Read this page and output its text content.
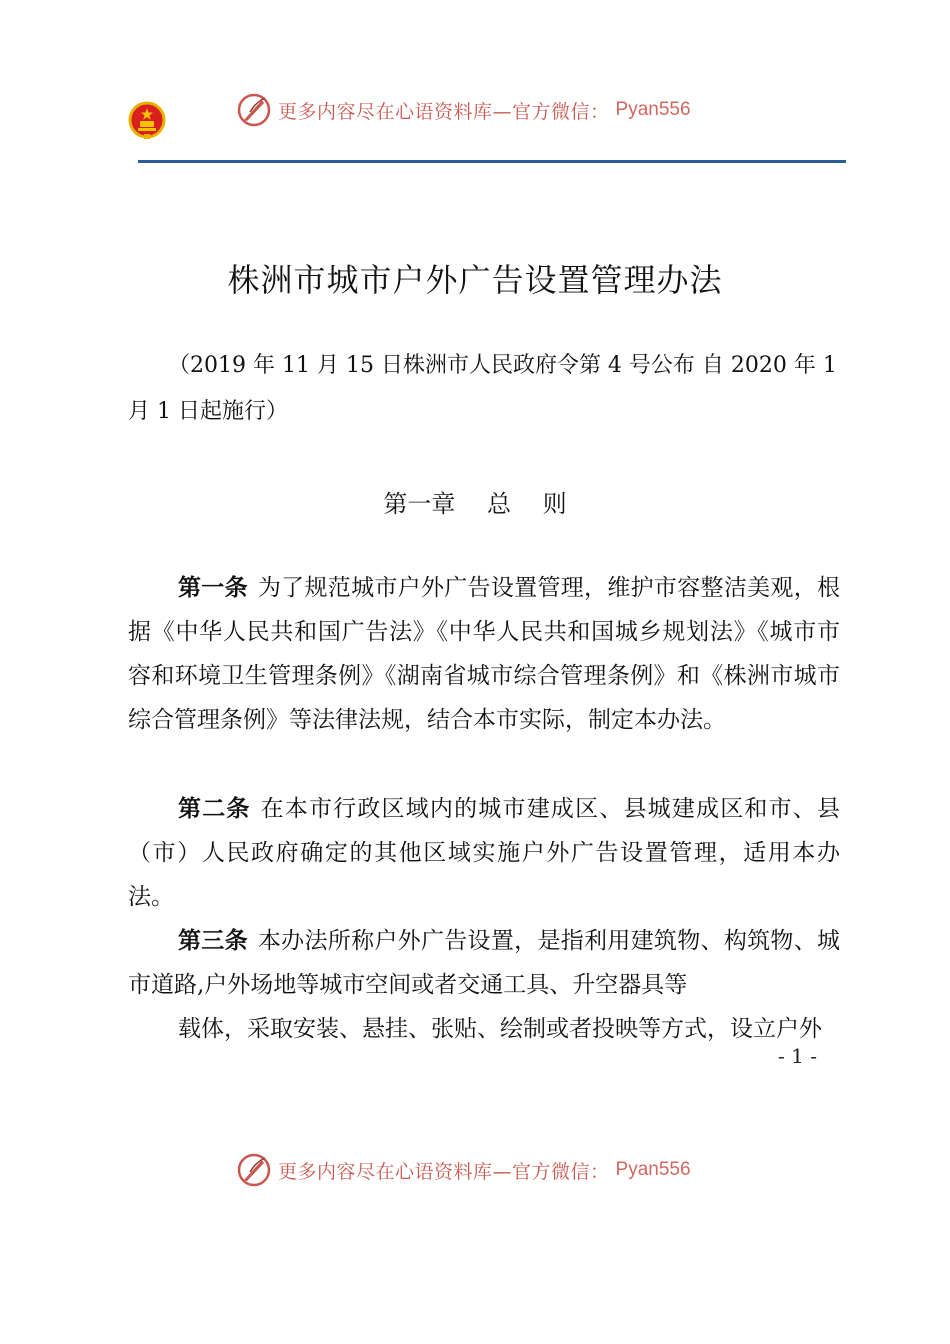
更多内容尽在心语资料库—官方微信： Pyan556
株洲市城市户外广告设置管理办法
（2019 年 11 月 15 日株洲市人民政府令第 4 号公布 自 2020 年 1 月 1 日起施行）
第一章　 总　 则
第一条 为了规范城市户外广告设置管理，维护市容整洁美观，根据《中华人民共和国广告法》《中华人民共和国城乡规划法》《城市市容和环境卫生管理条例》《湖南省城市综合管理条例》和《株洲市城市综合管理条例》等法律法规，结合本市实际，制定本办法。
第二条 在本市行政区域内的城市建成区、县城建成区和市、县（市）人民政府确定的其他区域实施户外广告设置管理，适用本办法。
第三条 本办法所称户外广告设置，是指利用建筑物、构筑物、城市道路,户外场地等城市空间或者交通工具、升空器具等
载体，采取安装、悬挂、张贴、绘制或者投映等方式，设立户外
- 1 -
更多内容尽在心语资料库—官方微信： Pyan556
